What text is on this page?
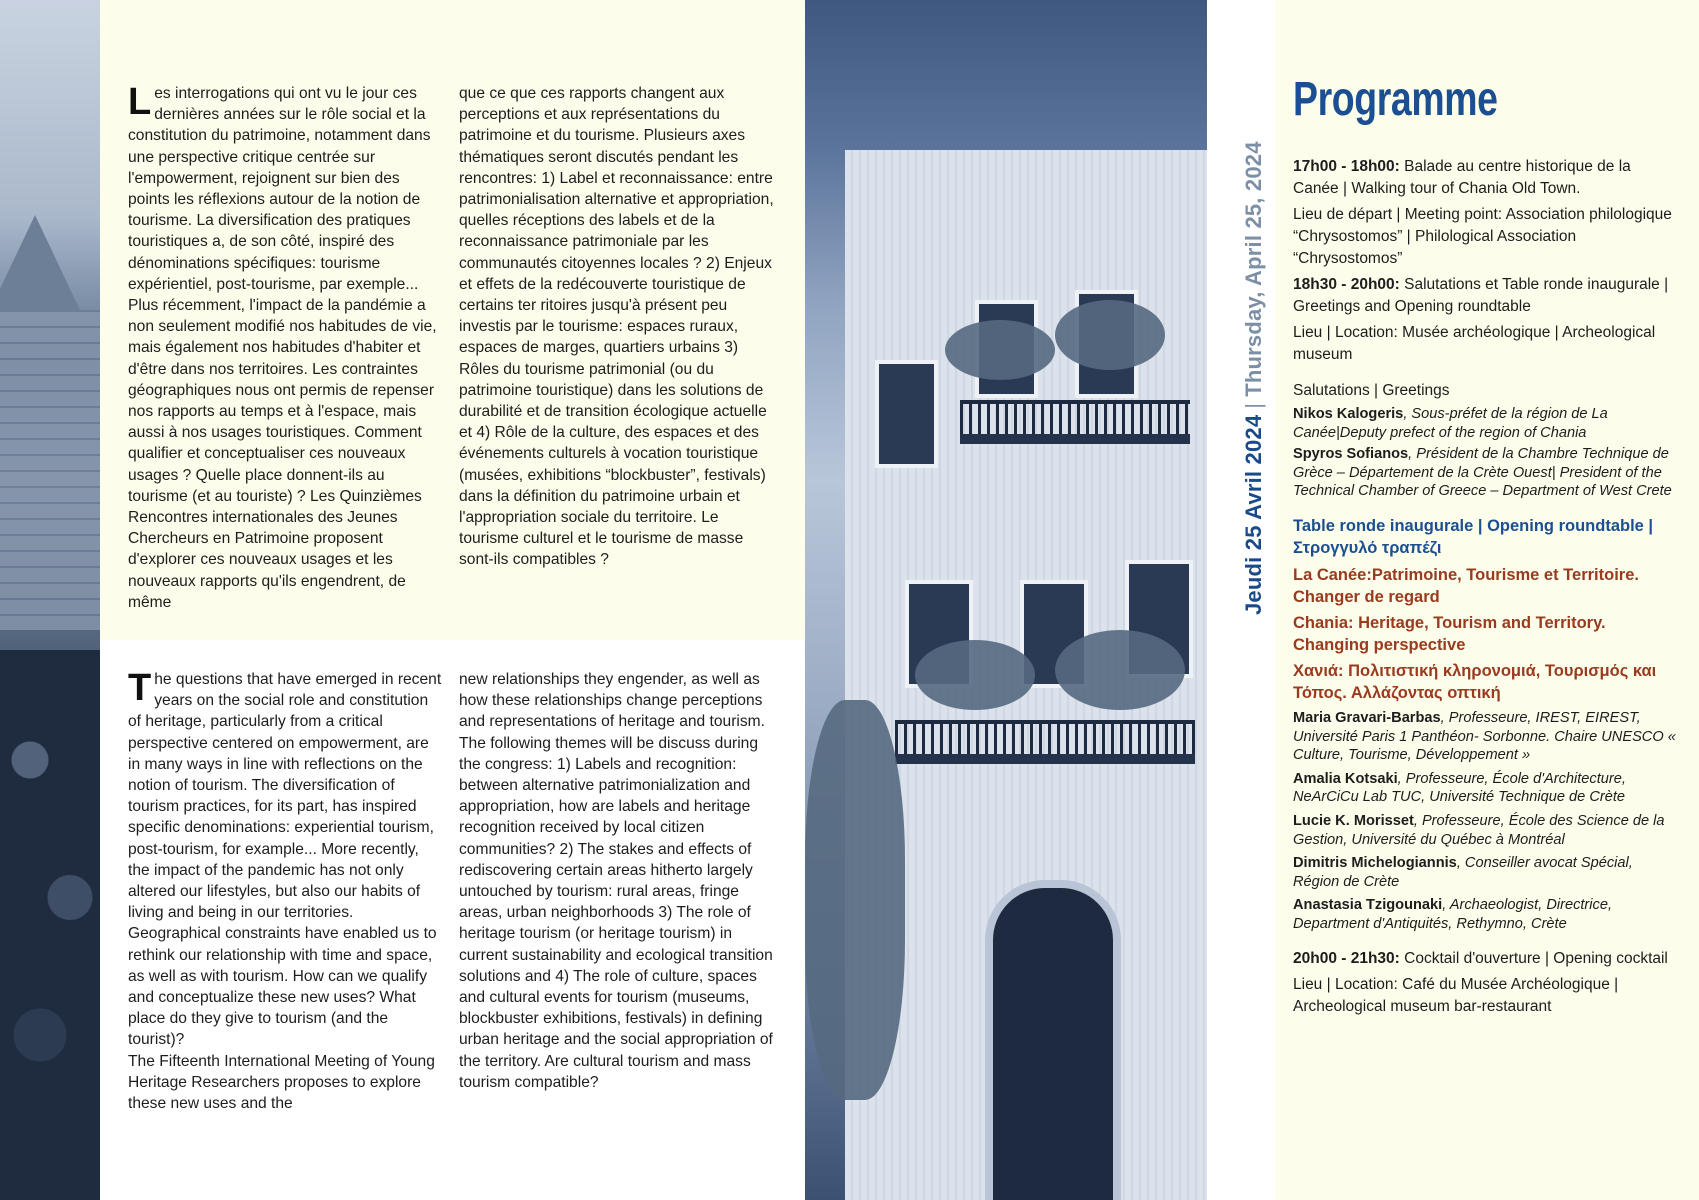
Les interrogations qui ont vu le jour ces dernières années sur le rôle social et la constitution du patrimoine, notamment dans une perspective critique centrée sur l'empowerment, rejoignent sur bien des points les réflexions autour de la notion de tourisme. La diversification des pratiques touristiques a, de son côté, inspiré des dénominations spécifiques: tourisme expérientiel, post-tourisme, par exemple... Plus récemment, l'impact de la pandémie a non seulement modifié nos habitudes de vie, mais également nos habitudes d'habiter et d'être dans nos territoires. Les contraintes géographiques nous ont permis de repenser nos rapports au temps et à l'espace, mais aussi à nos usages touristiques. Comment qualifier et conceptualiser ces nouveaux usages ? Quelle place donnent-ils au tourisme (et au touriste) ? Les Quinzièmes Rencontres internationales des Jeunes Chercheurs en Patrimoine proposent d'explorer ces nouveaux usages et les nouveaux rapports qu'ils engendrent, de même

que ce que ces rapports changent aux perceptions et aux représentations du patrimoine et du tourisme. Plusieurs axes thématiques seront discutés pendant les rencontres: 1) Label et reconnaissance: entre patrimonialisation alternative et appropriation, quelles réceptions des labels et de la reconnaissance patrimoniale par les communautés citoyennes locales ? 2) Enjeux et effets de la redécouverte touristique de certains ter ritoires jusqu'à présent peu investis par le tourisme: espaces ruraux, espaces de marges, quartiers urbains 3) Rôles du tourisme patrimonial (ou du patrimoine touristique) dans les solutions de durabilité et de transition écologique actuelle et 4) Rôle de la culture, des espaces et des événements culturels à vocation touristique (musées, exhibitions “blockbuster”, festivals) dans la définition du patrimoine urbain et l'appropriation sociale du territoire. Le tourisme culturel et le tourisme de masse sont-ils compatibles ?

The questions that have emerged in recent years on the social role and constitution of heritage, particularly from a critical perspective centered on empowerment, are in many ways in line with reflections on the notion of tourism. The diversification of tourism practices, for its part, has inspired specific denominations: experiential tourism, post-tourism, for example... More recently, the impact of the pandemic has not only altered our lifestyles, but also our habits of living and being in our territories. Geographical constraints have enabled us to rethink our relationship with time and space, as well as with tourism. How can we qualify and conceptualize these new uses? What place do they give to tourism (and the tourist)?
The Fifteenth International Meeting of Young Heritage Researchers proposes to explore these new uses and the

new relationships they engender, as well as how these relationships change perceptions and representations of heritage and tourism. The following themes will be discuss during the congress: 1) Labels and recognition: between alternative patrimonialization and appropriation, how are labels and heritage recognition received by local citizen communities? 2) The stakes and effects of rediscovering certain areas hitherto largely untouched by tourism: rural areas, fringe areas, urban neighborhoods 3) The role of heritage tourism (or heritage tourism) in current sustainability and ecological transition solutions and 4) The role of culture, spaces and cultural events for tourism (museums, blockbuster exhibitions, festivals) in defining urban heritage and the social appropriation of the territory. Are cultural tourism and mass tourism compatible?

Jeudi 25 Avril 2024|Thursday, April 25, 2024
Programme

17h00 - 18h00: Balade au centre historique de la Canée | Walking tour of Chania Old Town.

Lieu de départ | Meeting point: Association philologique “Chrysostomos” | Philological Association “Chrysostomos”

18h30 - 20h00: Salutations et Table ronde inaugurale | Greetings and Opening roundtable

Lieu | Location: Musée archéologique | Archeological museum

Salutations | Greetings

Nikos Kalogeris, Sous-préfet de la région de La Canée|Deputy prefect of the region of Chania

Spyros Sofianos, Président de la Chambre Technique de Grèce – Département de la Crète Ouest| President of the Technical Chamber of Greece – Department of West Crete

Table ronde inaugurale | Opening roundtable | Στρογγυλό τραπέζι

La Canée:Patrimoine, Tourisme et Territoire. Changer de regard

Chania: Heritage, Tourism and Territory. Changing perspective

Χανιά: Πολιτιστική κληρονομιά, Τουρισμός και Τόπος. Αλλάζοντας οπτική

Maria Gravari-Barbas, Professeure, IREST, EIREST, Université Paris 1 Panthéon- Sorbonne. Chaire UNESCO « Culture, Tourisme, Développement »

Amalia Kotsaki, Professeure, École d'Architecture, NeArCiCu Lab TUC, Université Technique de Crète

Lucie K. Morisset, Professeure, École des Science de la Gestion, Université du Québec à Montréal

Dimitris Michelogiannis, Conseiller avocat Spécial, Région de Crète

Anastasia Tzigounaki, Archaeologist, Directrice, Department d'Antiquités, Rethymno, Crète

20h00 - 21h30: Cocktail d'ouverture | Opening cocktail

Lieu | Location: Café du Musée Archéologique | Archeological museum bar-restaurant
